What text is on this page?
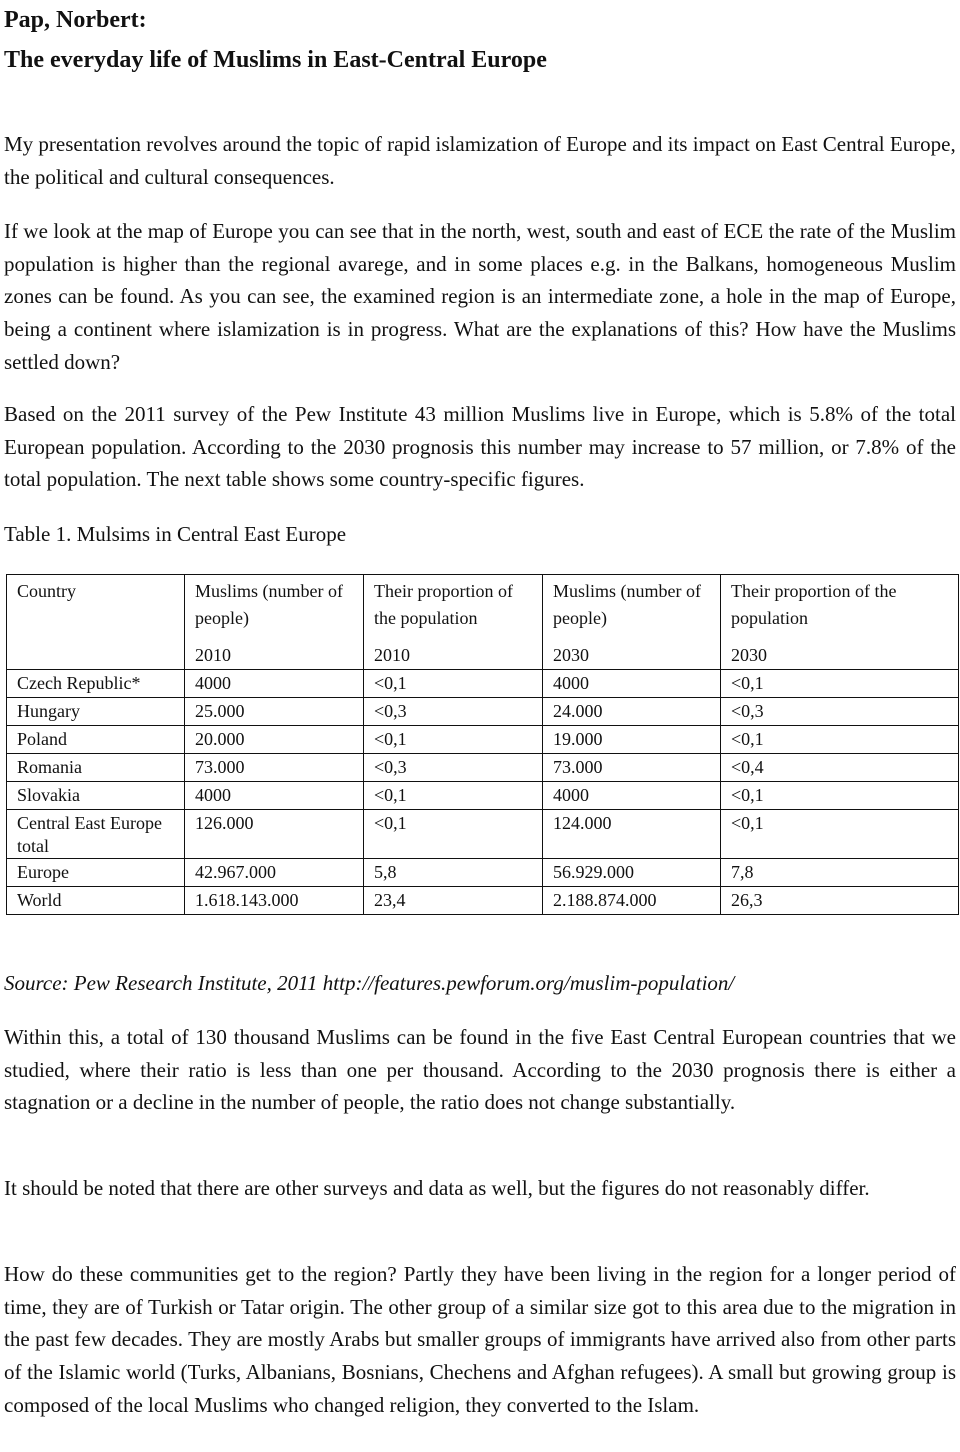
Pap, Norbert:
The everyday life of Muslims in East-Central Europe

My presentation revolves around the topic of rapid islamization of Europe and its impact on East Central Europe, the political and cultural consequences.

If we look at the map of Europe you can see that in the north, west, south and east of ECE the rate of the Muslim population is higher than the regional avarege, and in some places e.g. in the Balkans, homogeneous Muslim zones can be found. As you can see, the examined region is an intermediate zone, a hole in the map of Europe, being a continent where islamization is in progress. What are the explanations of this? How have the Muslims settled down?

Based on the 2011 survey of the Pew Institute 43 million Muslims live in Europe, which is 5.8% of the total European population. According to the 2030 prognosis this number may increase to 57 million, or 7.8% of the total population. The next table shows some country-specific figures.

Table 1. Mulsims in Central East Europe

Country	Muslims (number of people)	Their proportion of the population	Muslims (number of people)	Their proportion of the population
	2010	2010	2030	2030
Czech Republic*	4000	<0,1	4000	<0,1
Hungary	25.000	<0,3	24.000	<0,3
Poland	20.000	<0,1	19.000	<0,1
Romania	73.000	<0,3	73.000	<0,4
Slovakia	4000	<0,1	4000	<0,1
Central East Europe total	126.000	<0,1	124.000	<0,1
Europe	42.967.000	5,8	56.929.000	7,8
World	1.618.143.000	23,4	2.188.874.000	26,3

Source: Pew Research Institute, 2011 http://features.pewforum.org/muslim-population/

Within this, a total of 130 thousand Muslims can be found in the five East Central European countries that we studied, where their ratio is less than one per thousand. According to the 2030 prognosis there is either a stagnation or a decline in the number of people, the ratio does not change substantially.

It should be noted that there are other surveys and data as well, but the figures do not reasonably differ.

How do these communities get to the region? Partly they have been living in the region for a longer period of time, they are of Turkish or Tatar origin. The other group of a similar size got to this area due to the migration in the past few decades. They are mostly Arabs but smaller groups of immigrants have arrived also from other parts of the Islamic world (Turks, Albanians, Bosnians, Chechens and Afghan refugees). A small but growing group is composed of the local Muslims who changed religion, they converted to the Islam.
